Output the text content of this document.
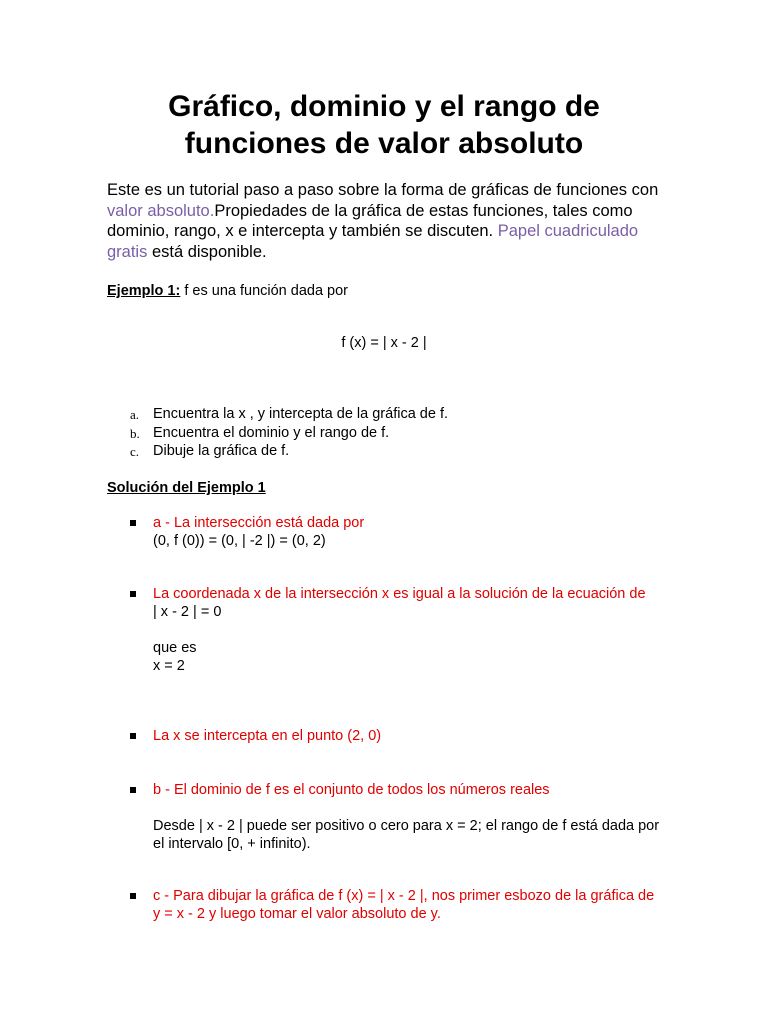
Gráfico, dominio y el rango de
funciones de valor absoluto
Este es un tutorial paso a paso sobre la forma de gráficas de funciones con valor absoluto.Propiedades de la gráfica de estas funciones, tales como dominio, rango, x e intercepta y también se discuten. Papel cuadriculado gratis está disponible.
Ejemplo 1: f es una función dada por
f (x) = | x - 2 |
a. Encuentra la x , y intercepta de la gráfica de f.
b. Encuentra el dominio y el rango de f.
c. Dibuje la gráfica de f.
Solución del Ejemplo 1
a - La intersección está dada por
(0, f (0)) = (0, | -2 |) = (0, 2)
La coordenada x de la intersección x es igual a la solución de la ecuación de
| x - 2 | = 0
que es
x = 2
La x se intercepta en el punto (2, 0)
b - El dominio de f es el conjunto de todos los números reales
Desde | x - 2 | puede ser positivo o cero para x = 2; el rango de f está dada por el intervalo [0, + infinito).
c - Para dibujar la gráfica de f (x) = | x - 2 |, nos primer esbozo de la gráfica de y = x - 2 y luego tomar el valor absoluto de y.
